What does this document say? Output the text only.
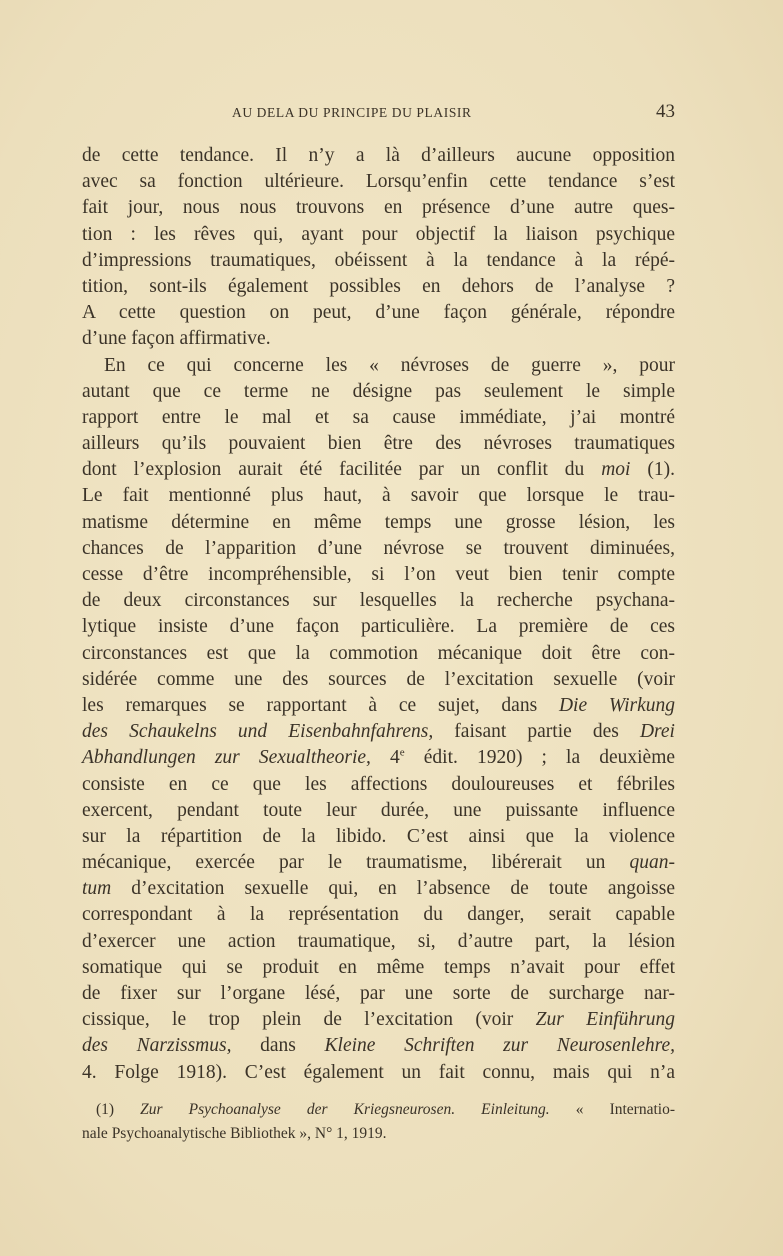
AU DELA DU PRINCIPE DU PLAISIR	43
de cette tendance. Il n’y a là d’ailleurs aucune opposition
avec sa fonction ultérieure. Lorsqu’enfin cette tendance s’est
fait jour, nous nous trouvons en présence d’une autre ques-
tion : les rêves qui, ayant pour objectif la liaison psychique
d’impressions traumatiques, obéissent à la tendance à la répé-
tition, sont-ils également possibles en dehors de l’analyse ?
A cette question on peut, d’une façon générale, répondre
d’une façon affirmative.
En ce qui concerne les « névroses de guerre », pour
autant que ce terme ne désigne pas seulement le simple
rapport entre le mal et sa cause immédiate, j’ai montré
ailleurs qu’ils pouvaient bien être des névroses traumatiques
dont l’explosion aurait été facilitée par un conflit du moi (1).
Le fait mentionné plus haut, à savoir que lorsque le trau-
matisme détermine en même temps une grosse lésion, les
chances de l’apparition d’une névrose se trouvent diminuées,
cesse d’être incompréhensible, si l’on veut bien tenir compte
de deux circonstances sur lesquelles la recherche psychana-
lytique insiste d’une façon particulière. La première de ces
circonstances est que la commotion mécanique doit être con-
sidérée comme une des sources de l’excitation sexuelle (voir
les remarques se rapportant à ce sujet, dans Die Wirkung
des Schaukelns und Eisenbahnfahrens, faisant partie des Drei
Abhandlungen zur Sexualtheorie, 4e édit. 1920) ; la deuxième
consiste en ce que les affections douloureuses et fébriles
exercent, pendant toute leur durée, une puissante influence
sur la répartition de la libido. C’est ainsi que la violence
mécanique, exercée par le traumatisme, libérerait un quan-
tum d’excitation sexuelle qui, en l’absence de toute angoisse
correspondant à la représentation du danger, serait capable
d’exercer une action traumatique, si, d’autre part, la lésion
somatique qui se produit en même temps n’avait pour effet
de fixer sur l’organe lésé, par une sorte de surcharge nar-
cissique, le trop plein de l’excitation (voir Zur Einführung
des Narzissmus, dans Kleine Schriften zur Neurosenlehre,
4. Folge 1918). C’est également un fait connu, mais qui n’a
(1) Zur Psychoanalyse der Kriegsneurosen. Einleitung. « Internatio-
nale Psychoanalytische Bibliothek », N° 1, 1919.
